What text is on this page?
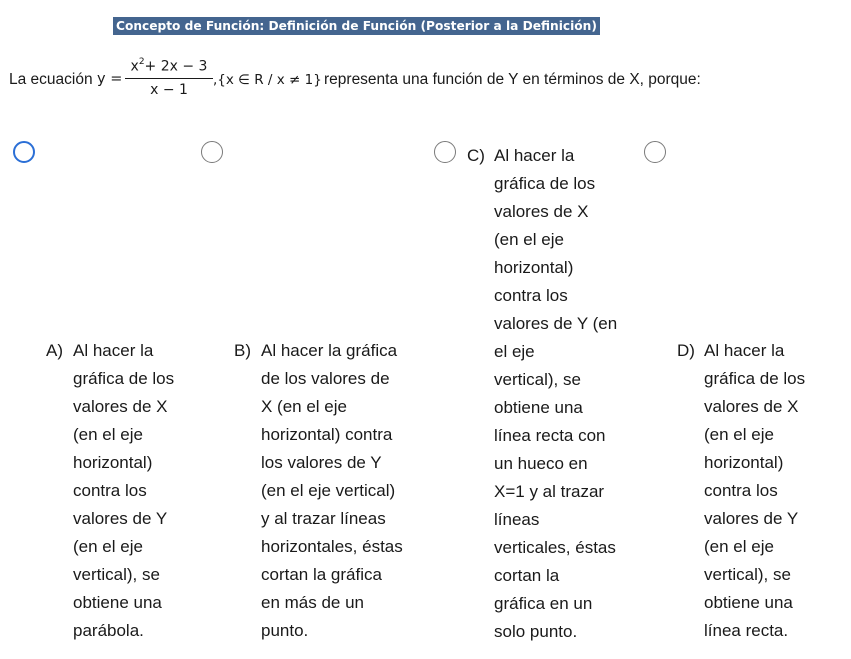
Concepto de Función: Definición de Función (Posterior a la Definición)
La ecuación $y = \frac{x^2+ 2x - 3}{x - 1} ,\{x$ ∈ R / x ≠ 1} representa una función de Y en términos de X, porque:
A) Al hacer la
gráfica de los
valores de X
(en el eje
horizontal)
contra los
valores de Y
(en el eje
vertical), se
obtiene una
parábola.
B) Al hacer la gráfica
de los valores de
X (en el eje
horizontal) contra
los valores de Y
(en el eje vertical)
y al trazar líneas
horizontales, éstas
cortan la gráfica
en más de un
punto.
C) Al hacer la
gráfica de los
valores de X
(en el eje
horizontal)
contra los
valores de Y (en
el eje
vertical), se
obtiene una
línea recta con
un hueco en
X=1 y al trazar
líneas
verticales, éstas
cortan la
gráfica en un
solo punto.
D) Al hacer la
gráfica de los
valores de X
(en el eje
horizontal)
contra los
valores de Y
(en el eje
vertical), se
obtiene una
línea recta.
